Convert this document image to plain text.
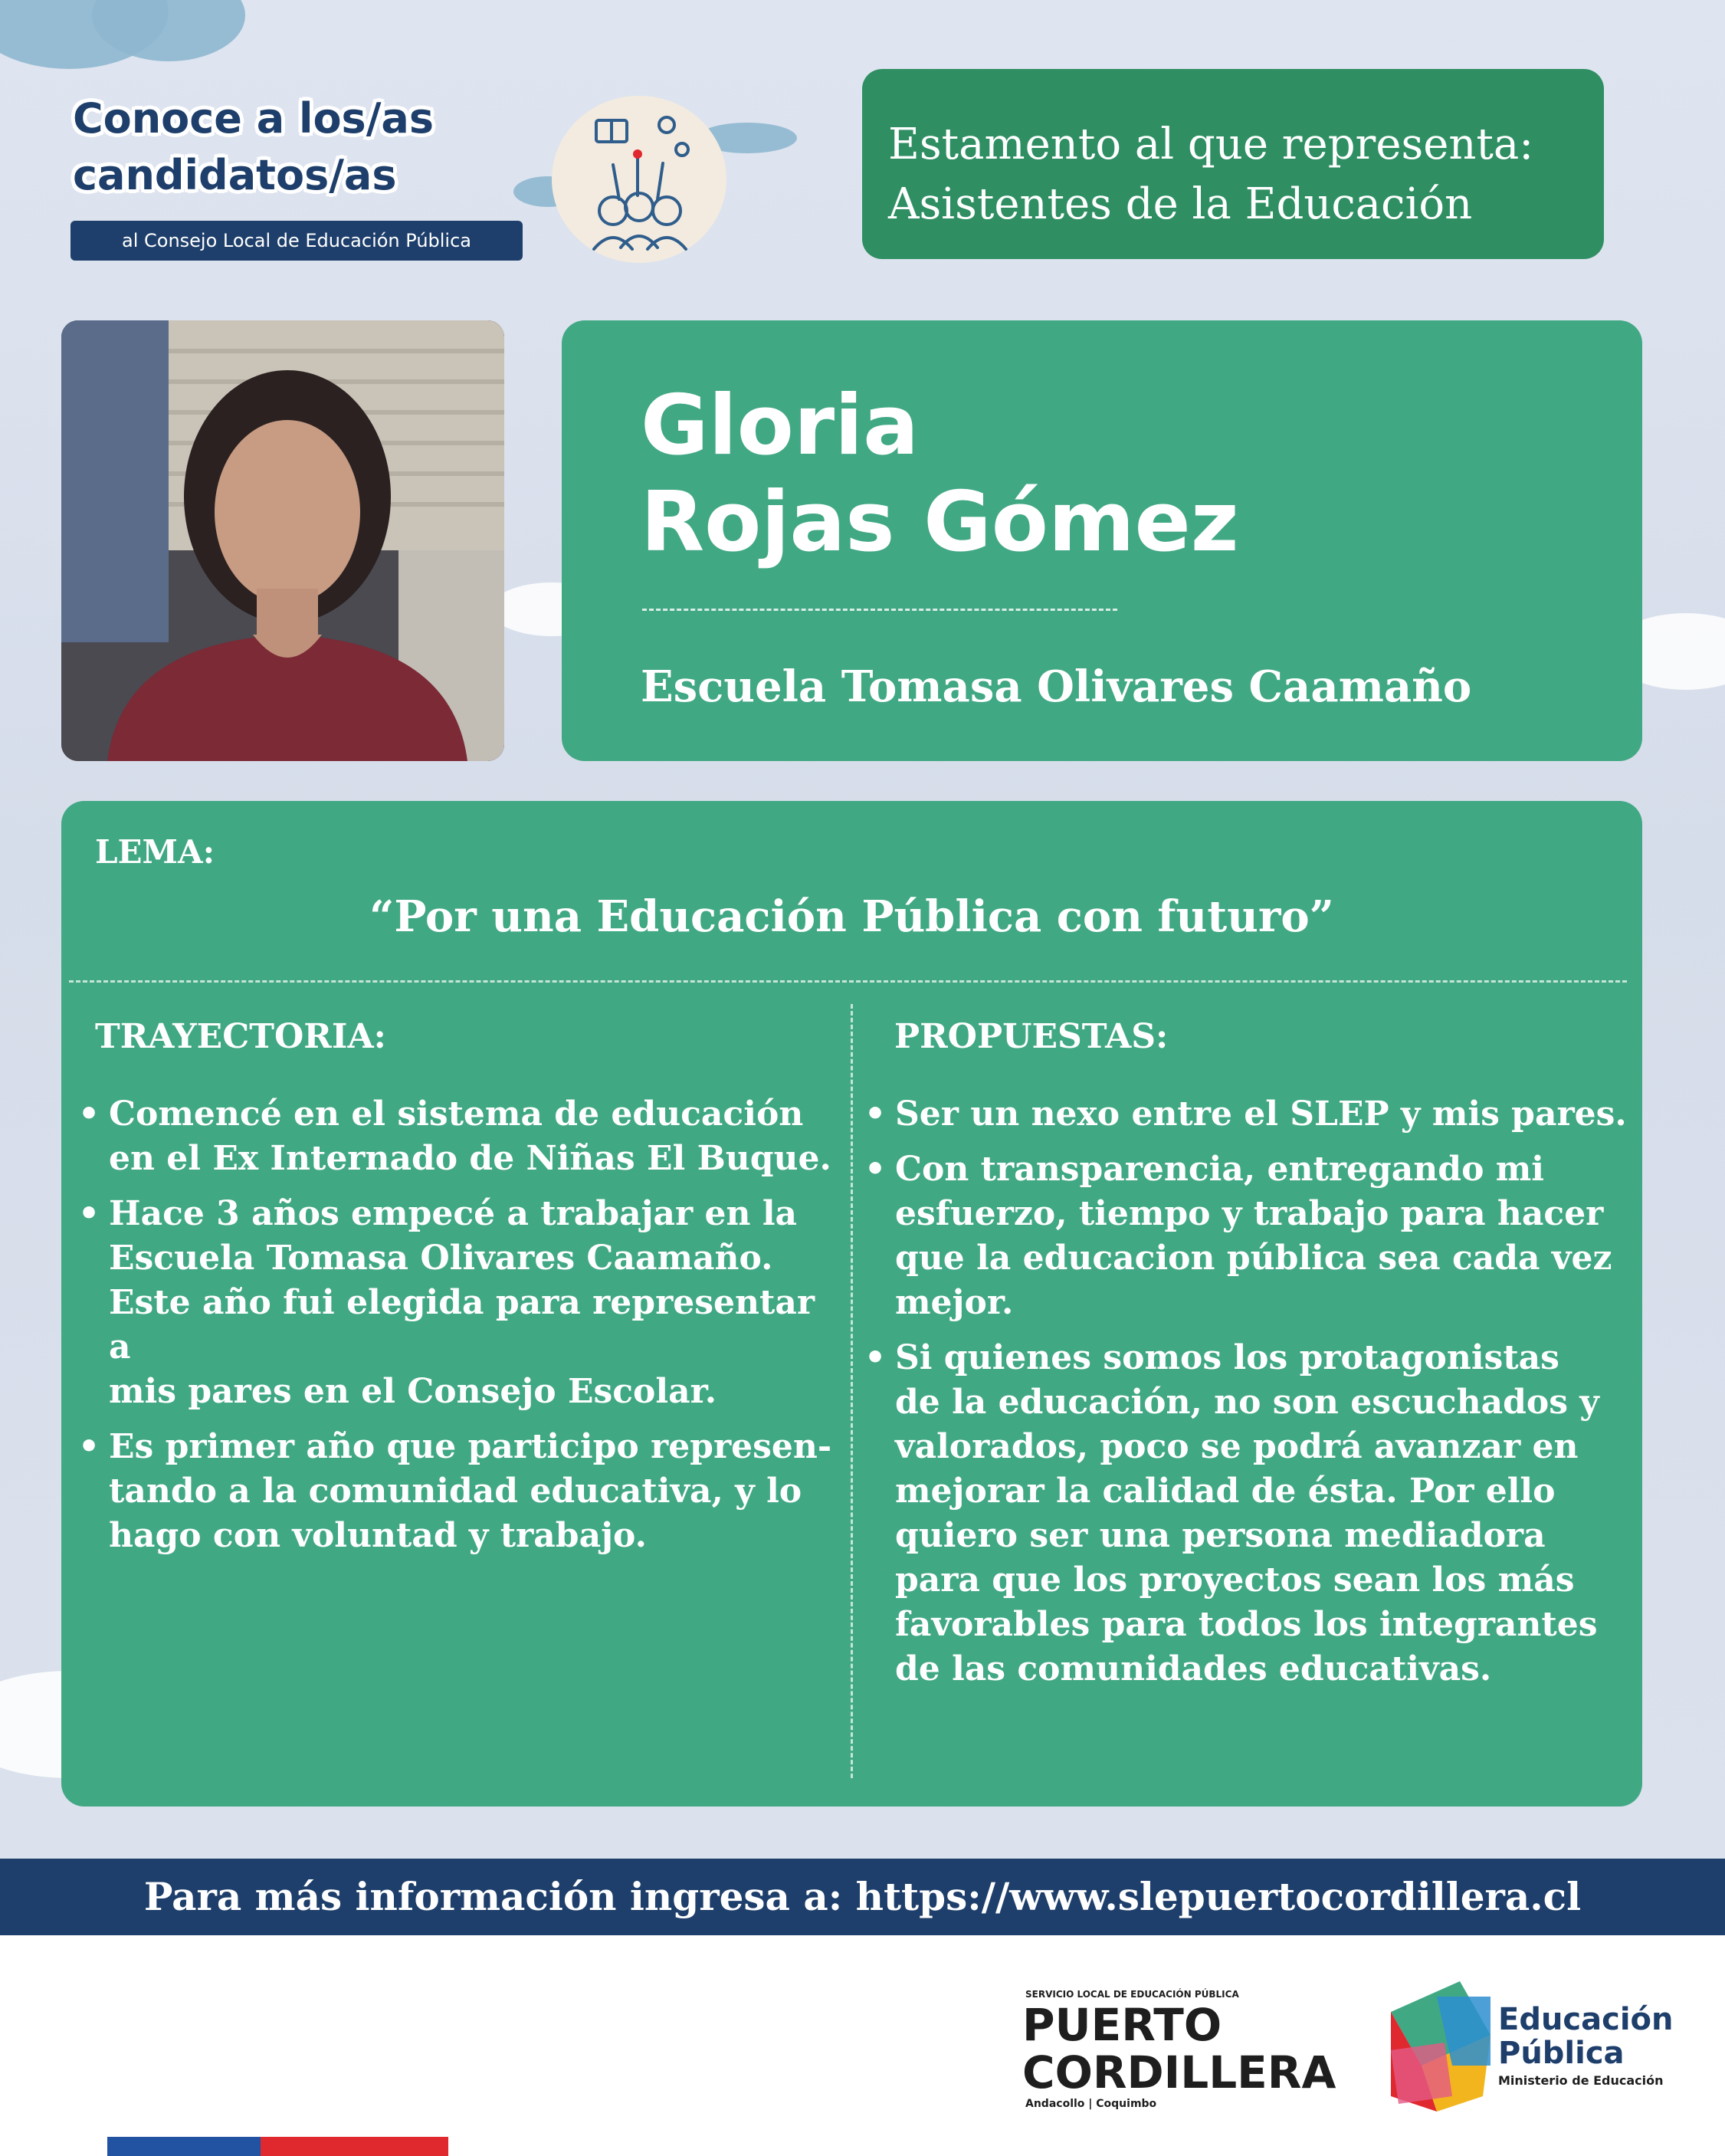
Conoce a los/as
candidatos/as
al Consejo Local de Educación Pública
Estamento al que representa:
Asistentes de la Educación
Gloria
Rojas Gómez
Escuela Tomasa Olivares Caamaño
LEMA:
“Por una Educación Pública con futuro”
TRAYECTORIA:
• Comencé en el sistema de educación
en el Ex Internado de Niñas El Buque.
• Hace 3 años empecé a trabajar en la
Escuela Tomasa Olivares Caamaño.
Este año fui elegida para representar a
mis pares en el Consejo Escolar.
• Es primer año que participo represen-
tando a la comunidad educativa, y lo
hago con voluntad y trabajo.
PROPUESTAS:
• Ser un nexo entre el SLEP y mis pares.
• Con transparencia, entregando mi
esfuerzo, tiempo y trabajo para hacer
que la educacion pública sea cada vez
mejor.
• Si quienes somos los protagonistas
de la educación, no son escuchados y
valorados, poco se podrá avanzar en
mejorar la calidad de ésta. Por ello
quiero ser una persona mediadora
para que los proyectos sean los más
favorables para todos los integrantes
de las comunidades educativas.
Para más información ingresa a: https://www.slepuertocordillera.cl
SERVICIO LOCAL DE EDUCACIÓN PÚBLICA
PUERTO
CORDILLERA
Andacollo | Coquimbo
Educación
Pública
Ministerio de Educación
